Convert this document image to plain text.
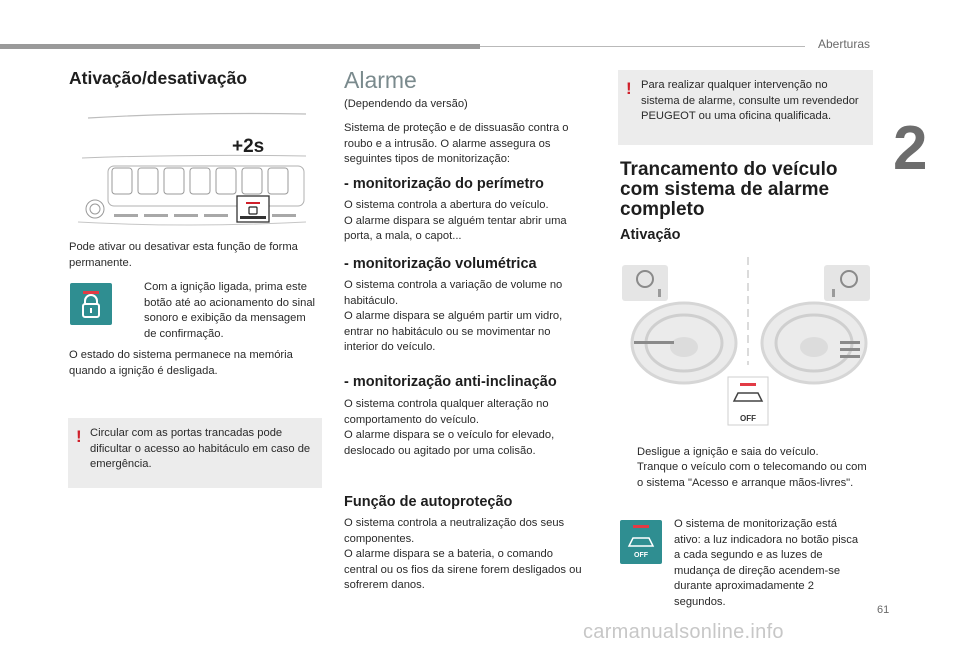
Aberturas
2
61
carmanualsonline.info
Ativação/desativação
+2s

Pode ativar ou desativar esta função de forma permanente.

Com a ignição ligada, prima este botão até ao acionamento do sinal sonoro e exibição da mensagem de confirmação.

O estado do sistema permanece na memória quando a ignição é desligada.

! Circular com as portas trancadas pode dificultar o acesso ao habitáculo em caso de emergência.

Alarme

(Dependendo da versão)

Sistema de proteção e de dissuasão contra o roubo e a intrusão. O alarme assegura os seguintes tipos de monitorização:

- monitorização do perímetro

O sistema controla a abertura do veículo.
O alarme dispara se alguém tentar abrir uma porta, a mala, o capot...

- monitorização volumétrica

O sistema controla a variação de volume no habitáculo.
O alarme dispara se alguém partir um vidro, entrar no habitáculo ou se movimentar no interior do veículo.

- monitorização anti-inclinação

O sistema controla qualquer alteração no comportamento do veículo.
O alarme dispara se o veículo for elevado, deslocado ou agitado por uma colisão.

Função de autoproteção

O sistema controla a neutralização dos seus componentes.
O alarme dispara se a bateria, o comando central ou os fios da sirene forem desligados ou sofrerem danos.

! Para realizar qualquer intervenção no sistema de alarme, consulte um revendedor PEUGEOT ou uma oficina qualificada.

Trancamento do veículo com sistema de alarme completo
Ativação
OFF

Desligue a ignição e saia do veículo.

Tranque o veículo com o telecomando ou com o sistema "Acesso e arranque mãos-livres".

OFF

O sistema de monitorização está ativo: a luz indicadora no botão pisca a cada segundo e as luzes de mudança de direção acendem-se durante aproximadamente 2 segundos.
